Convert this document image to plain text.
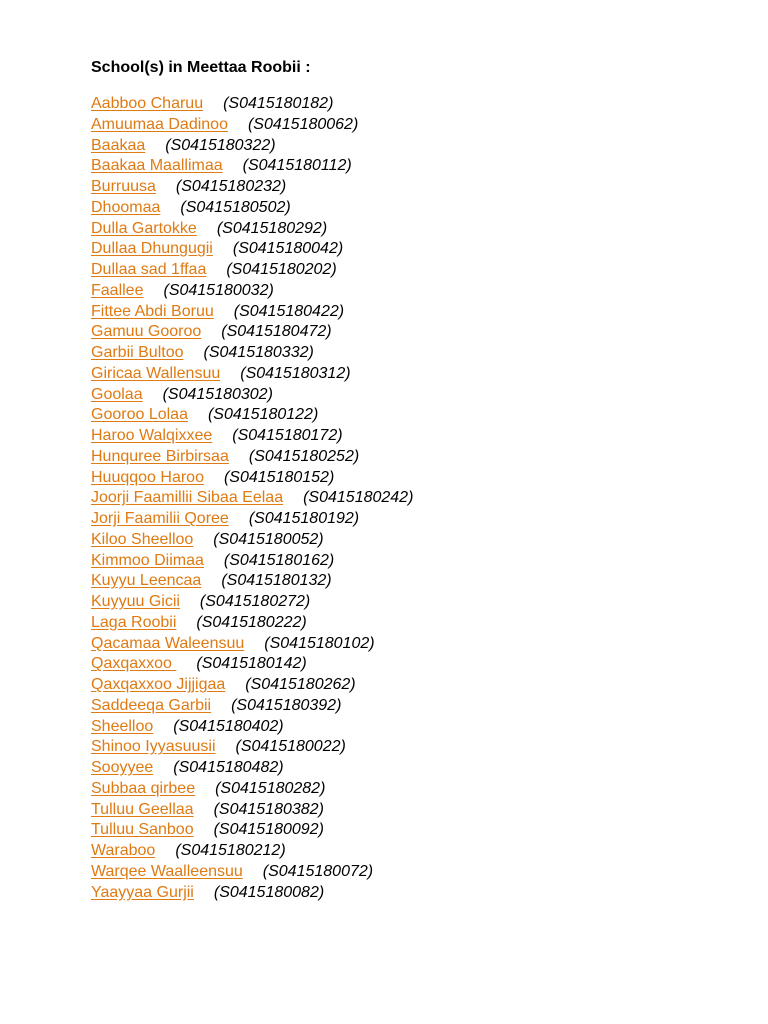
School(s) in Meettaa Roobii :
Aabboo Charuu (S0415180182)
Amuumaa Dadinoo (S0415180062)
Baakaa (S0415180322)
Baakaa Maallimaa (S0415180112)
Burruusa (S0415180232)
Dhoomaa (S0415180502)
Dulla Gartokke (S0415180292)
Dullaa Dhungugii (S0415180042)
Dullaa sad 1ffaa (S0415180202)
Faallee (S0415180032)
Fittee Abdi Boruu (S0415180422)
Gamuu Gooroo (S0415180472)
Garbii Bultoo (S0415180332)
Giricaa Wallensuu (S0415180312)
Goolaa (S0415180302)
Gooroo Lolaa (S0415180122)
Haroo Walqixxee (S0415180172)
Hunquree Birbirsaa (S0415180252)
Huuqqoo Haroo (S0415180152)
Joorji Faamillii Sibaa Eelaa (S0415180242)
Jorji Faamilii Qoree (S0415180192)
Kiloo Sheelloo (S0415180052)
Kimmoo Diimaa (S0415180162)
Kuyyu Leencaa (S0415180132)
Kuyyuu Gicii (S0415180272)
Laga Roobii (S0415180222)
Qacamaa Waleensuu (S0415180102)
Qaxqaxxoo (S0415180142)
Qaxqaxxoo Jijjigaa (S0415180262)
Saddeeqa Garbii (S0415180392)
Sheelloo (S0415180402)
Shinoo Iyyasuusii (S0415180022)
Sooyyee (S0415180482)
Subbaa qirbee (S0415180282)
Tulluu Geellaa (S0415180382)
Tulluu Sanboo (S0415180092)
Waraboo (S0415180212)
Warqee Waalleensuu (S0415180072)
Yaayyaa Gurjii (S0415180082)
